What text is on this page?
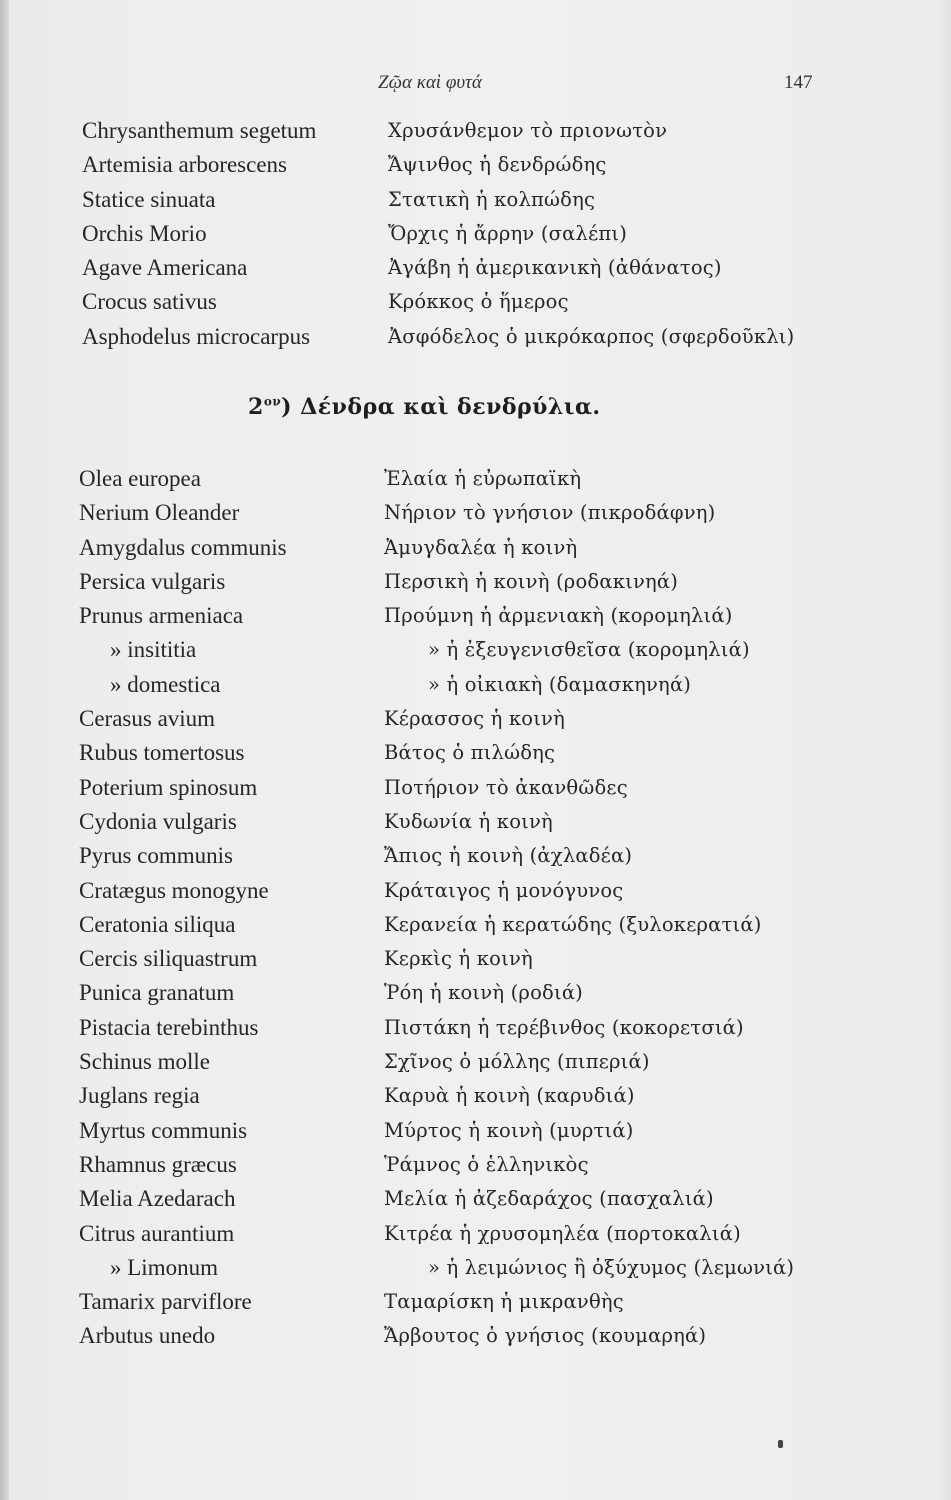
Ζῷα καὶ φυτά	147
Chrysanthemum segetum	Χρυσάνθεμον τὸ πριονωτὸν
Artemisia arborescens	Ἄψινθος ἡ δενδρώδης
Statice sinuata	Στατικὴ ἡ κολπώδης
Orchis Morio	Ὄρχις ἡ ἄρρην (σαλέπι)
Agave Americana	Ἀγάβη ἡ ἀμερικανικὴ (ἀθάνατος)
Crocus sativus	Κρόκκος ὁ ἥμερος
Asphodelus microcarpus	Ἀσφόδελος ὁ μικρόκαρπος (σφερδοῦκλι)
$2^{o\nu}$) Δένδρα καὶ δενδρύλια.
Olea europea	Ἐλαία ἡ εὐρωπαϊκὴ
Nerium Oleander	Νήριον τὸ γνήσιον (πικροδάφνη)
Amygdalus communis	Ἀμυγδαλέα ἡ κοινὴ
Persica vulgaris	Περσικὴ ἡ κοινὴ (ροδακινηά)
Prunus armeniaca	Προύμνη ἡ ἀρμενιακὴ (κορομηλιά)
» insititia	» ἡ ἐξευγενισθεῖσα (κορομηλιά)
» domestica	» ἡ οἰκιακὴ (δαμασκηνηά)
Cerasus avium	Κέρασσος ἡ κοινὴ
Rubus tomertosus	Βάτος ὁ πιλώδης
Poterium spinosum	Ποτήριον τὸ ἀκανθῶδες
Cydonia vulgaris	Κυδωνία ἡ κοινὴ
Pyrus communis	Ἄπιος ἡ κοινὴ (ἀχλαδέα)
Cratægus monogyne	Κράταιγος ἡ μονόγυνος
Ceratonia siliqua	Κερανεία ἡ κερατώδης (ξυλοκερατιά)
Cercis siliquastrum	Κερκὶς ἡ κοινὴ
Punica granatum	Ῥόη ἡ κοινὴ (ροδιά)
Pistacia terebinthus	Πιστάκη ἡ τερέβινθος (κοκορετσιά)
Schinus molle	Σχῖνος ὁ μόλλης (πιπεριά)
Juglans regia	Καρυὰ ἡ κοινὴ (καρυδιά)
Myrtus communis	Μύρτος ἡ κοινὴ (μυρτιά)
Rhamnus græcus	Ῥάμνος ὁ ἑλληνικὸς
Melia Azedarach	Μελία ἡ ἀζεδαράχος (πασχαλιά)
Citrus aurantium	Κιτρέα ἡ χρυσομηλέα (πορτοκαλιά)
» Limonum	» ἡ λειμώνιος ἢ ὀξύχυμος (λεμωνιά)
Tamarix parviflore	Ταμαρίσκη ἡ μικρανθὴς
Arbutus unedo	Ἄρβουτος ὁ γνήσιος (κουμαρηά)
